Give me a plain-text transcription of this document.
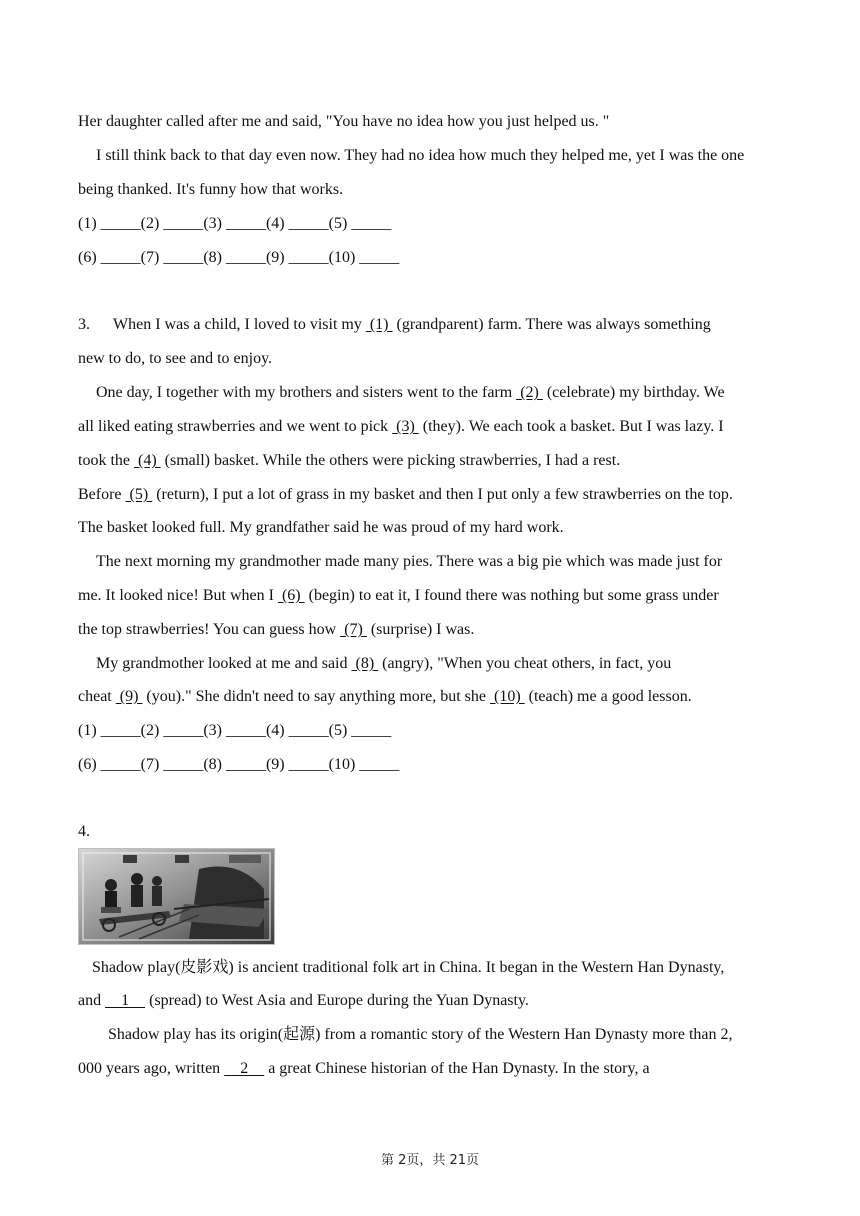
Her daughter called after me and said, "You have no idea how you just helped us. "
I still think back to that day even now. They had no idea how much they helped me, yet I was the one
being thanked. It's funny how that works.
(1) _____(2) _____(3) _____(4) _____(5) _____
(6) _____(7) _____(8) _____(9) _____(10) _____
3. When I was a child, I loved to visit my  (1)  (grandparent) farm. There was always something
new to do, to see and to enjoy.
One day, I together with my brothers and sisters went to the farm  (2)  (celebrate) my birthday. We
all liked eating strawberries and we went to pick  (3)  (they). We each took a basket. But I was lazy. I
took the  (4)  (small) basket. While the others were picking strawberries, I had a rest.
Before  (5)  (return), I put a lot of grass in my basket and then I put only a few strawberries on the top.
The basket looked full. My grandfather said he was proud of my hard work.
The next morning my grandmother made many pies. There was a big pie which was made just for
me. It looked nice! But when I  (6)  (begin) to eat it, I found there was nothing but some grass under
the top strawberries! You can guess how  (7)  (surprise) I was.
My grandmother looked at me and said  (8)  (angry), "When you cheat others, in fact, you
cheat  (9)  (you)." She didn't need to say anything more, but she  (10)  (teach) me a good lesson.
(1) _____(2) _____(3) _____(4) _____(5) _____
(6) _____(7) _____(8) _____(9) _____(10) _____
4.
Shadow play(皮影戏) is ancient traditional folk art in China. It began in the Western Han Dynasty,
and     1     (spread) to West Asia and Europe during the Yuan Dynasty.
Shadow play has its origin(起源) from a romantic story of the Western Han Dynasty more than 2,
000 years ago, written     2     a great Chinese historian of the Han Dynasty. In the story, a
第 2页，共 21页
